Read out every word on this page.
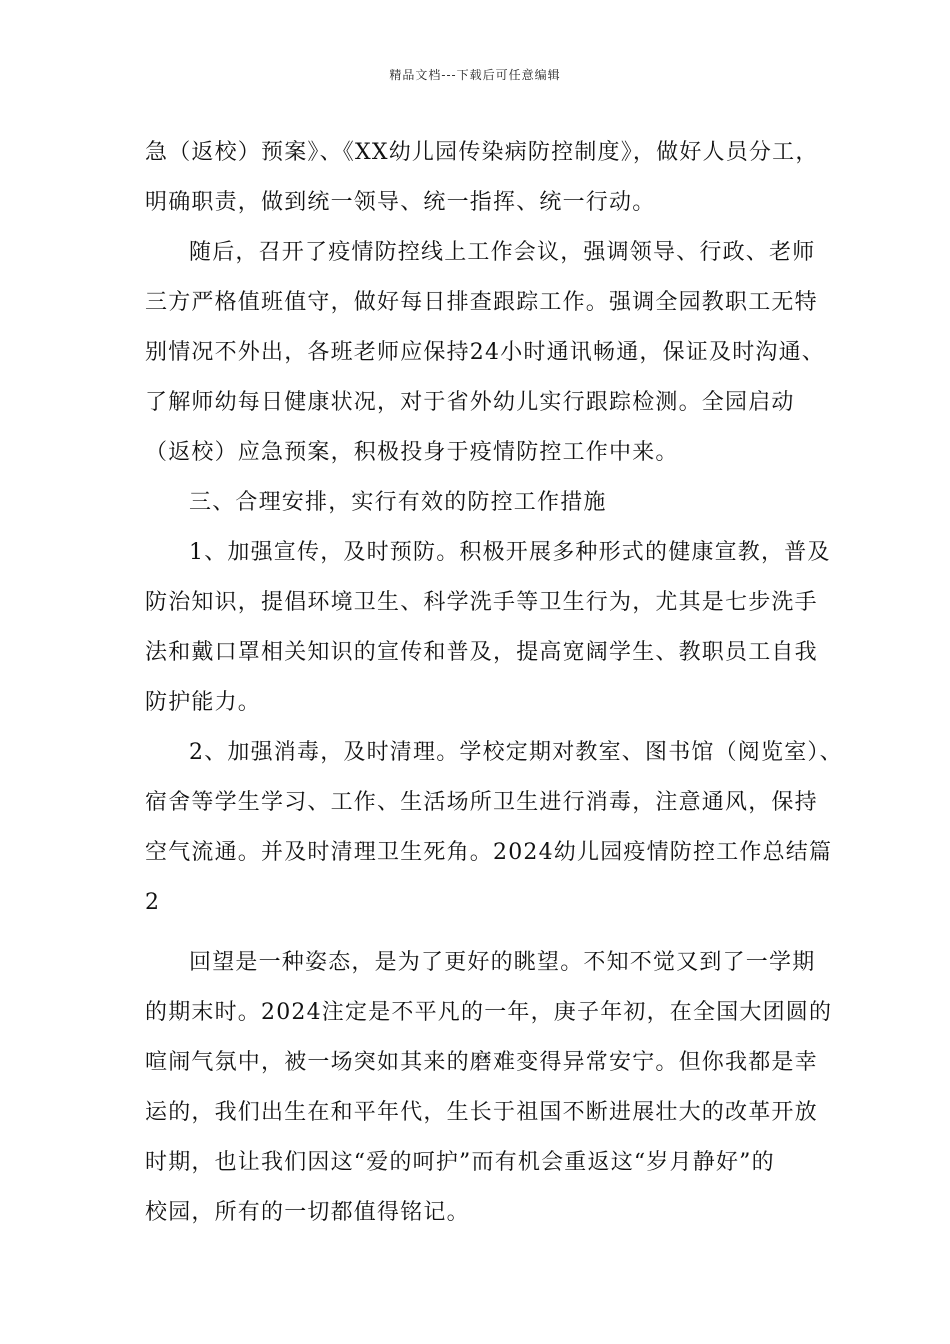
精品文档---下载后可任意编辑
急（返校）预案》、《XX幼儿园传染病防控制度》，做好人员分工，
明确职责，做到统一领导、统一指挥、统一行动。
随后，召开了疫情防控线上工作会议，强调领导、行政、老师
三方严格值班值守，做好每日排查跟踪工作。强调全园教职工无特
别情况不外出，各班老师应保持24小时通讯畅通，保证及时沟通、
了解师幼每日健康状况，对于省外幼儿实行跟踪检测。全园启动
（返校）应急预案，积极投身于疫情防控工作中来。
三、合理安排，实行有效的防控工作措施
1、加强宣传，及时预防。积极开展多种形式的健康宣教，普及
防治知识，提倡环境卫生、科学洗手等卫生行为，尤其是七步洗手
法和戴口罩相关知识的宣传和普及，提高宽阔学生、教职员工自我
防护能力。
2、加强消毒，及时清理。学校定期对教室、图书馆（阅览室）、
宿舍等学生学习、工作、生活场所卫生进行消毒，注意通风，保持
空气流通。并及时清理卫生死角。2024幼儿园疫情防控工作总结篇
2
回望是一种姿态，是为了更好的眺望。不知不觉又到了一学期
的期末时。2024注定是不平凡的一年，庚子年初，在全国大团圆的
喧闹气氛中，被一场突如其来的磨难变得异常安宁。但你我都是幸
运的，我们出生在和平年代，生长于祖国不断进展壮大的改革开放
时期，也让我们因这“爱的呵护”而有机会重返这“岁月静好”的
校园，所有的一切都值得铭记。
